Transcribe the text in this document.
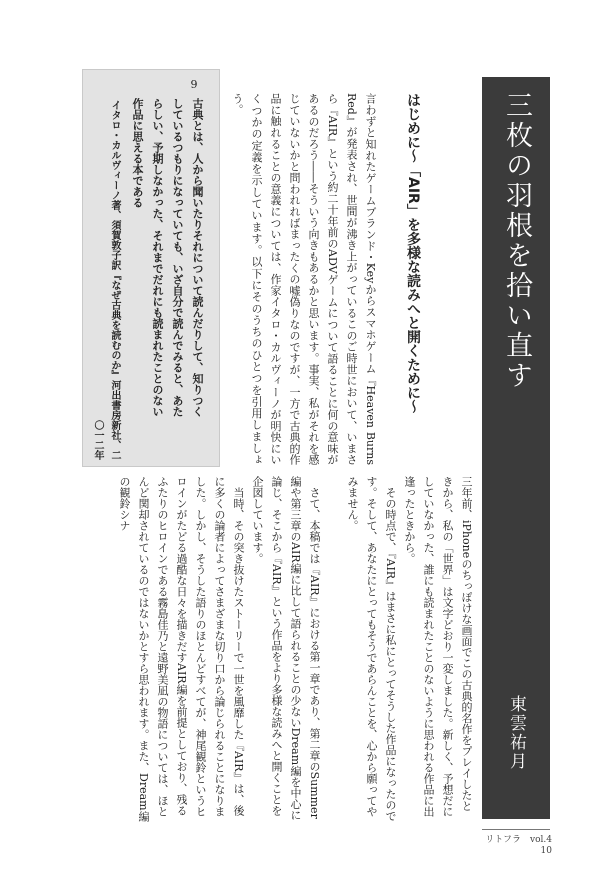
三枚の羽根を拾い直す
東雲祐月
はじめに〜「AIR」を多様な読みへと開くために〜
言わずと知れたゲームブランド・Keyからスマホゲーム『Heaven Burns Red』が発表され、世間が沸き上がっているこのご時世において、いまさら『AIR』という約二十年前のADVゲームについて語ることに何の意味があるのだろう――そういう向きもあるかと思います。事実、私がそれを感じていないかと問われればまったくの嘘偽りなのですが、一方で古典的作品に触れることの意義については、作家イタロ・カルヴィーノが明快にいくつかの定義を示しています。以下にそのうちのひとつを引用しましょう。
9
古典とは、人から聞いたりそれについて読んだりして、知りつくしているつもりになっていても、いざ自分で読んでみると、あたらしい、予期しなかった、それまでだれにも読まれたことのない作品に思える本である
イタロ・カルヴィーノ著、須賀敦子訳『なぜ古典を読むのか』河出書房新社、二〇一二年

三年前、iPhoneのちっぽけな画面でこの古典的名作をプレイしたときから、私の「世界」は文字どおり一変しました。新しく、予想だにしていなかった、誰にも読まれたことのないように思われる作品に出逢ったときから。

その時点で、『AIR』はまさに私にとってそうした作品になったのです。そして、あなたにとってもそうであらんことを、心から願ってやみません。

さて、本稿では『AIR』における第一章であり、第二章のSummer編や第三章のAIR編に比して語られることの少ないDream編を中心に論じ、そこから『AIR』という作品をより多様な読みへと開くことを企図しています。

当時、その突き抜けたストーリーで一世を風靡した『AIR』は、後に多くの論者によってさまざまな切り口から論じられることになりました。しかし、そうした語りのほとんどすべてが、神尾観鈴というヒロインがたどる過酷な日々を描きだすAIR編を前提としており、残るふたりのヒロインである霧島佳乃と遠野美凪の物語については、ほとんど関却されているのではないかとすら思われます。また、Dream編の観鈴シナ

リトフラ　vol.4
10
